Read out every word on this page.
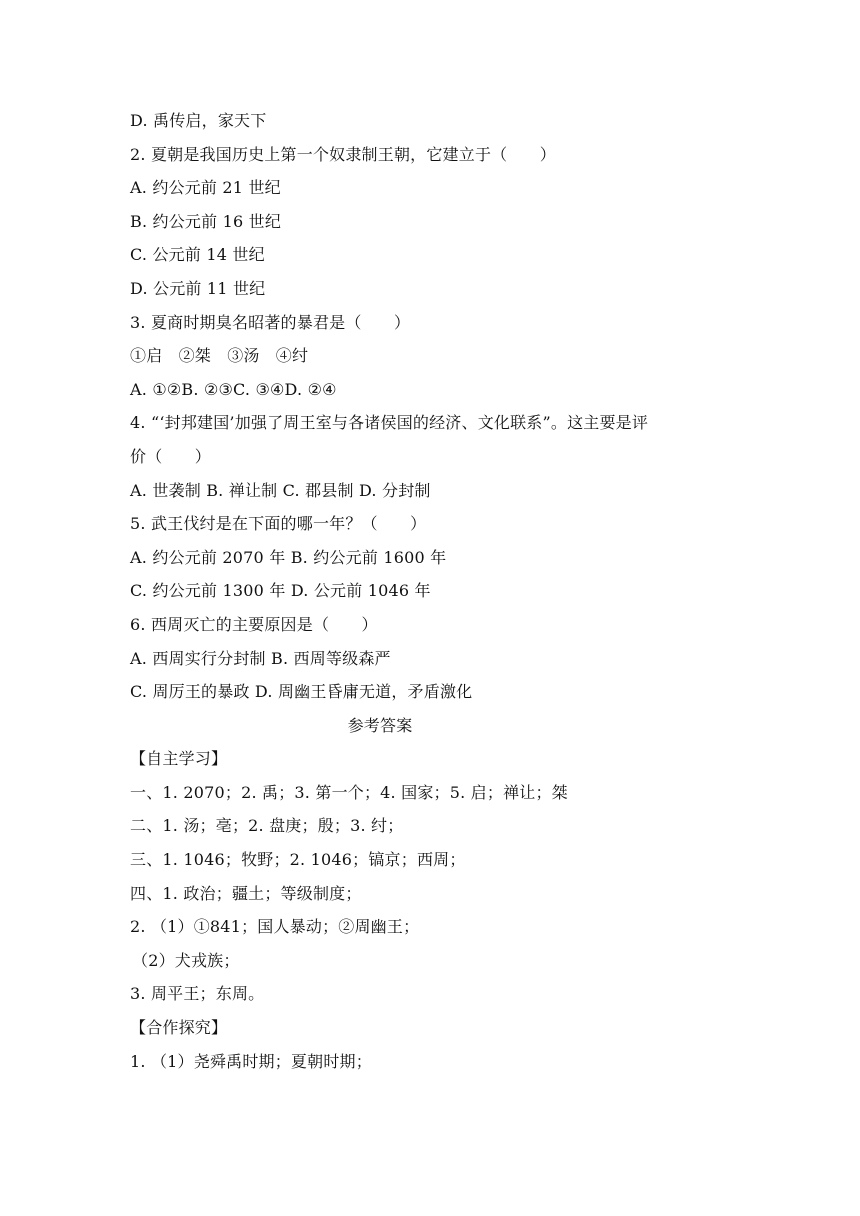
D. 禹传启，家天下
2. 夏朝是我国历史上第一个奴隶制王朝，它建立于（　　）
A. 约公元前 21 世纪
B. 约公元前 16 世纪
C. 公元前 14 世纪
D. 公元前 11 世纪
3. 夏商时期臭名昭著的暴君是（　　）
①启　②桀　③汤　④纣
A. ①②B. ②③C. ③④D. ②④
4. “‘封邦建国’加强了周王室与各诸侯国的经济、文化联系”。这主要是评
价（　　）
A. 世袭制 B. 禅让制 C. 郡县制 D. 分封制
5. 武王伐纣是在下面的哪一年？（　　）
A. 约公元前 2070 年 B. 约公元前 1600 年
C. 约公元前 1300 年 D. 公元前 1046 年
6. 西周灭亡的主要原因是（　　）
A. 西周实行分封制 B. 西周等级森严
C. 周厉王的暴政 D. 周幽王昏庸无道，矛盾激化
参考答案
【自主学习】
一、1. 2070；2. 禹；3. 第一个；4. 国家；5. 启；禅让；桀
二、1. 汤；亳；2. 盘庚；殷；3. 纣；
三、1. 1046；牧野；2. 1046；镐京；西周；
四、1. 政治；疆土；等级制度；
2. （1）①841；国人暴动；②周幽王；
（2）犬戎族；
3. 周平王；东周。
【合作探究】
1. （1）尧舜禹时期；夏朝时期；
